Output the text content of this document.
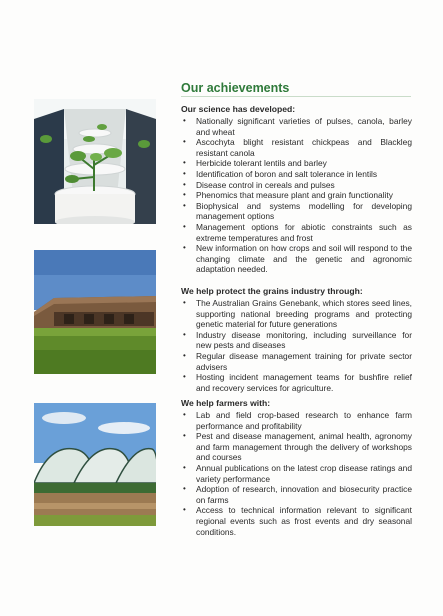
Our achievements
Our science has developed:
• Nationally significant varieties of pulses, canola, barley and wheat
• Ascochyta blight resistant chickpeas and Blackleg resistant canola
• Herbicide tolerant lentils and barley
• Identification of boron and salt tolerance in lentils
• Disease control in cereals and pulses
• Phenomics that measure plant and grain functionality
• Biophysical and systems modelling for developing management options
• Management options for abiotic constraints such as extreme temperatures and frost
• New information on how crops and soil will respond to the changing climate and the genetic and agronomic adaptation needed.
We help protect the grains industry through:
• The Australian Grains Genebank, which stores seed lines, supporting national breeding programs and protecting genetic material for future generations
• Industry disease monitoring, including surveillance for new pests and diseases
• Regular disease management training for private sector advisers
• Hosting incident management teams for bushfire relief and recovery services for agriculture.
We help farmers with:
• Lab and field crop-based research to enhance farm performance and profitability
• Pest and disease management, animal health, agronomy and farm management through the delivery of workshops and courses
• Annual publications on the latest crop disease ratings and variety performance
• Adoption of research, innovation and biosecurity practice on farms
• Access to technical information relevant to significant regional events such as frost events and dry seasonal conditions.
